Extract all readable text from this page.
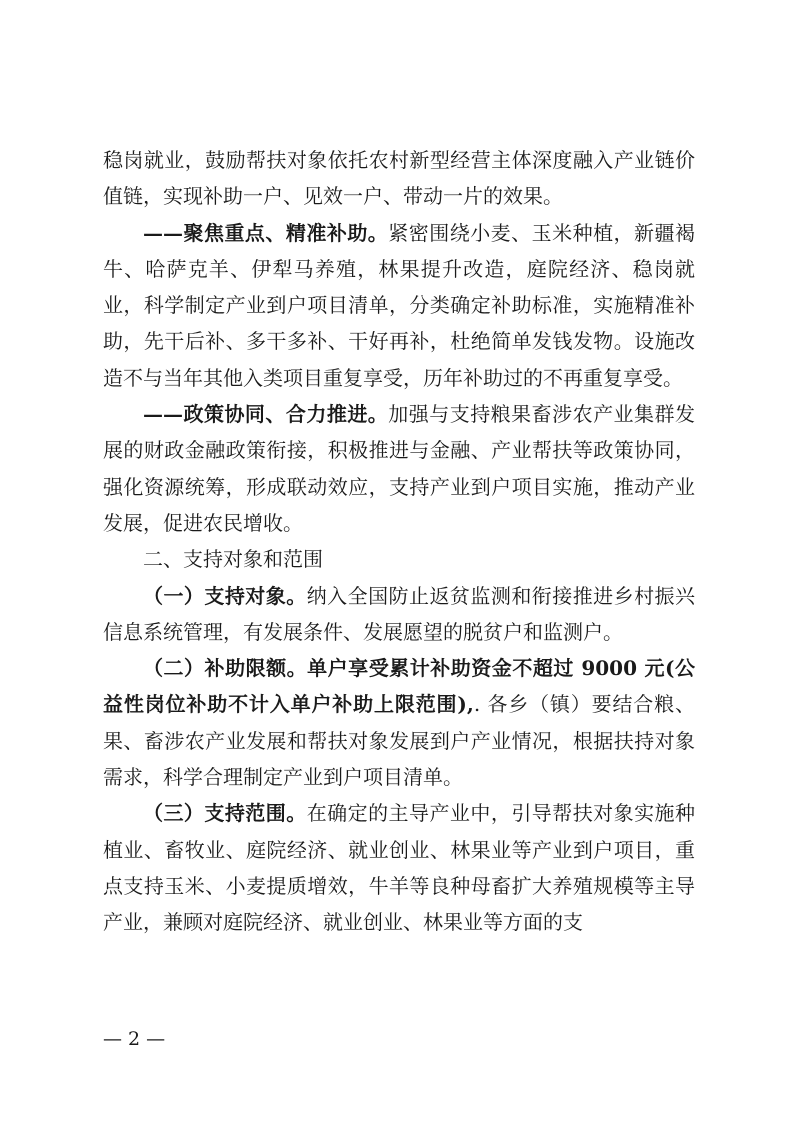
稳岗就业，鼓励帮扶对象依托农村新型经营主体深度融入产业链价值链，实现补助一户、见效一户、带动一片的效果。

——聚焦重点、精准补助。紧密围绕小麦、玉米种植，新疆褐牛、哈萨克羊、伊犁马养殖，林果提升改造，庭院经济、稳岗就业，科学制定产业到户项目清单，分类确定补助标准，实施精准补助，先干后补、多干多补、干好再补，杜绝简单发钱发物。设施改造不与当年其他入类项目重复享受，历年补助过的不再重复享受。

——政策协同、合力推进。加强与支持粮果畜涉农产业集群发展的财政金融政策衔接，积极推进与金融、产业帮扶等政策协同，强化资源统筹，形成联动效应，支持产业到户项目实施，推动产业发展，促进农民增收。

二、支持对象和范围

（一）支持对象。纳入全国防止返贫监测和衔接推进乡村振兴信息系统管理，有发展条件、发展愿望的脱贫户和监测户。

（二）补助限额。单户享受累计补助资金不超过 9000 元(公益性岗位补助不计入单户补助上限范围),. 各乡（镇）要结合粮、果、畜涉农产业发展和帮扶对象发展到户产业情况，根据扶持对象需求，科学合理制定产业到户项目清单。

（三）支持范围。在确定的主导产业中，引导帮扶对象实施种植业、畜牧业、庭院经济、就业创业、林果业等产业到户项目，重点支持玉米、小麦提质增效，牛羊等良种母畜扩大养殖规模等主导产业，兼顾对庭院经济、就业创业、林果业等方面的支

— 2 —
